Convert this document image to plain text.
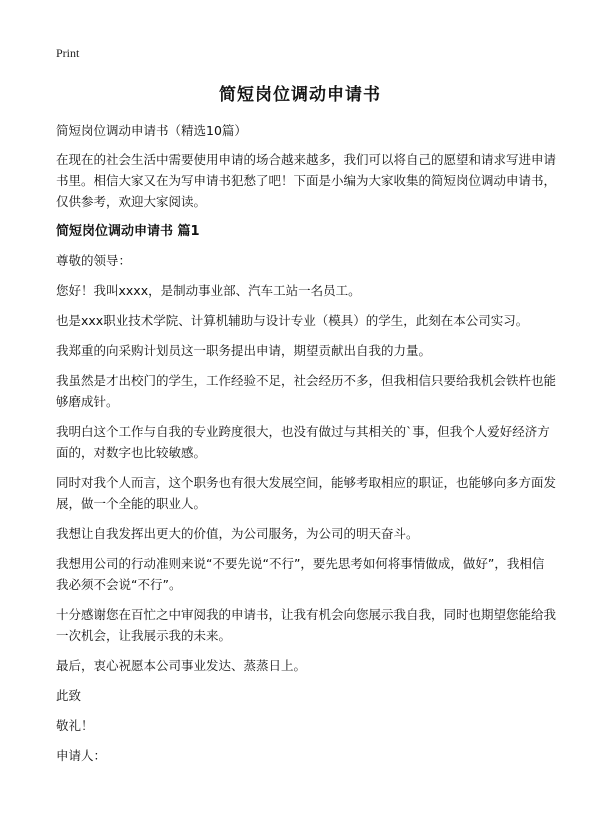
Print
简短岗位调动申请书

简短岗位调动申请书（精选10篇）

在现在的社会生活中需要使用申请的场合越来越多，我们可以将自己的愿望和请求写进申请书里。相信大家又在为写申请书犯愁了吧！下面是小编为大家收集的简短岗位调动申请书，仅供参考，欢迎大家阅读。

简短岗位调动申请书 篇1

尊敬的领导：

您好！我叫xxxx，是制动事业部、汽车工站一名员工。

也是xxx职业技术学院、计算机辅助与设计专业（模具）的学生，此刻在本公司实习。

我郑重的向采购计划员这一职务提出申请，期望贡献出自我的力量。

我虽然是才出校门的学生，工作经验不足，社会经历不多，但我相信只要给我机会铁杵也能够磨成针。

我明白这个工作与自我的专业跨度很大，也没有做过与其相关的`事，但我个人爱好经济方面的，对数字也比较敏感。

同时对我个人而言，这个职务也有很大发展空间，能够考取相应的职证，也能够向多方面发展，做一个全能的职业人。

我想让自我发挥出更大的价值，为公司服务，为公司的明天奋斗。

我想用公司的行动准则来说“不要先说“不行”，要先思考如何将事情做成，做好”，我相信我必须不会说“不行”。

十分感谢您在百忙之中审阅我的申请书，让我有机会向您展示我自我，同时也期望您能给我一次机会，让我展示我的未来。

最后，衷心祝愿本公司事业发达、蒸蒸日上。

此致

敬礼！

申请人：
